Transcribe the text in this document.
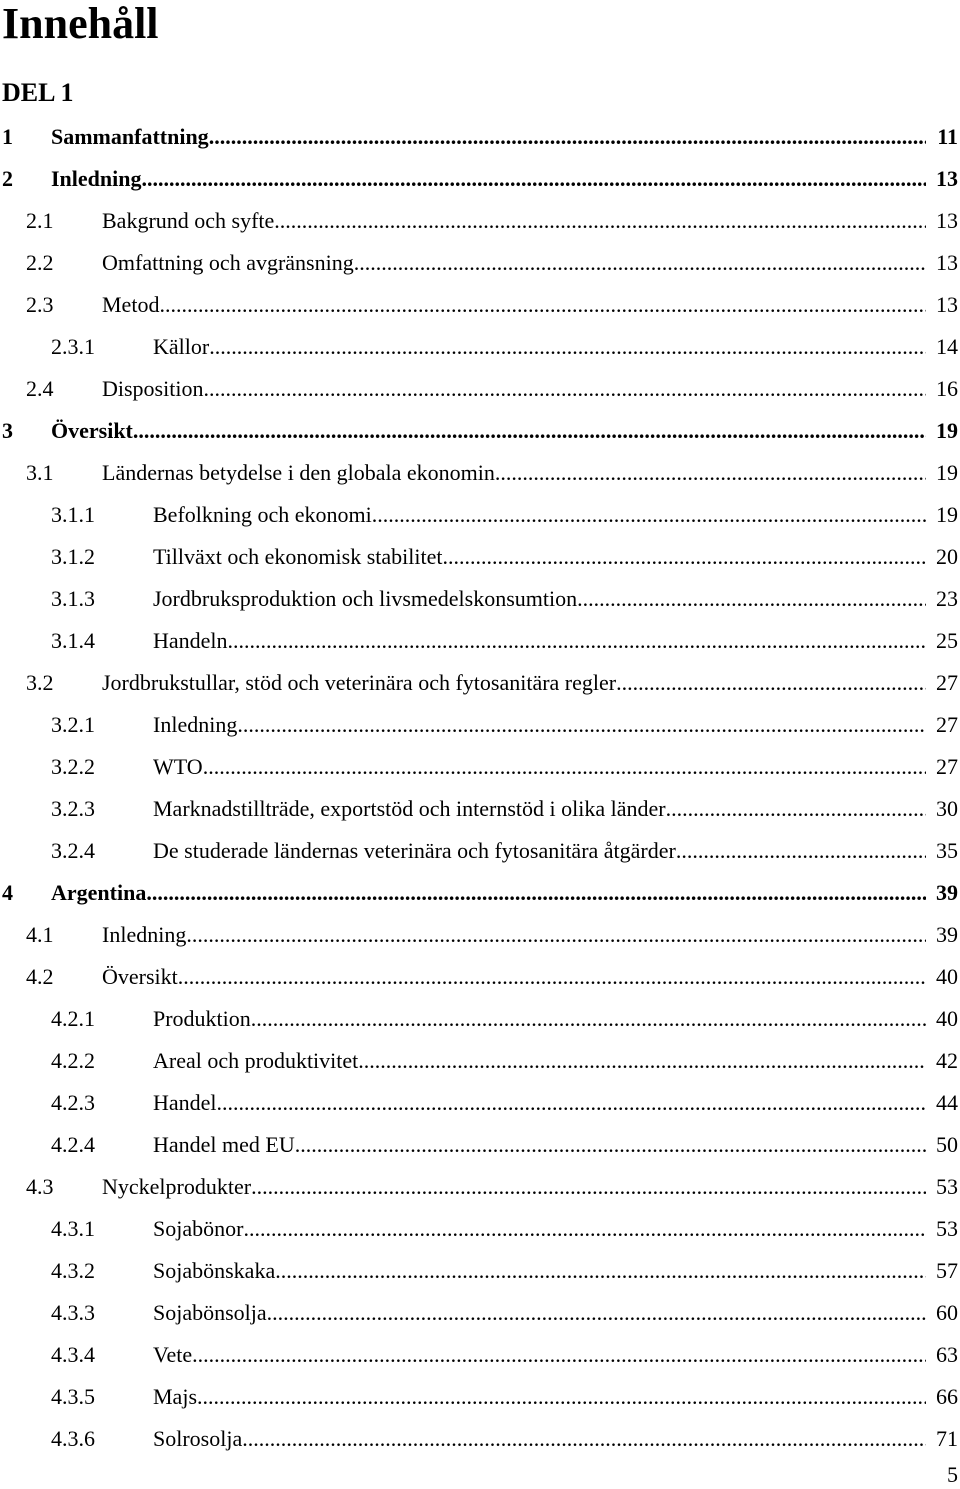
Innehåll
DEL 1
1 Sammanfattning .....	11
2 Inledning .....	13
2.1 Bakgrund och syfte .....	13
2.2 Omfattning och avgränsning .....	13
2.3 Metod .....	13
2.3.1	Källor .....	14
2.4 Disposition .....	16
3 Översikt .....	19
3.1 Ländernas betydelse i den globala ekonomin .....	19
3.1.1	Befolkning och ekonomi .....	19
3.1.2	Tillväxt och ekonomisk stabilitet .....	20
3.1.3	Jordbruksproduktion och livsmedelskonsumtion .....	23
3.1.4	Handeln .....	25
3.2 Jordbrukstullar, stöd och veterinära och fytosanitära regler .....	27
3.2.1	Inledning .....	27
3.2.2	WTO .....	27
3.2.3	Marknadstillträde, exportstöd och internstöd i olika länder .....	30
3.2.4	De studerade ländernas veterinära och fytosanitära åtgärder .....	35
4 Argentina .....	39
4.1 Inledning .....	39
4.2 Översikt .....	40
4.2.1	Produktion .....	40
4.2.2	Areal och produktivitet .....	42
4.2.3	Handel .....	44
4.2.4	Handel med EU .....	50
4.3 Nyckelprodukter .....	53
4.3.1	Sojabönor .....	53
4.3.2	Sojabönskaka .....	57
4.3.3	Sojabönsolja .....	60
4.3.4	Vete .....	63
4.3.5	Majs .....	66
4.3.6	Solrosolja .....	71
5
